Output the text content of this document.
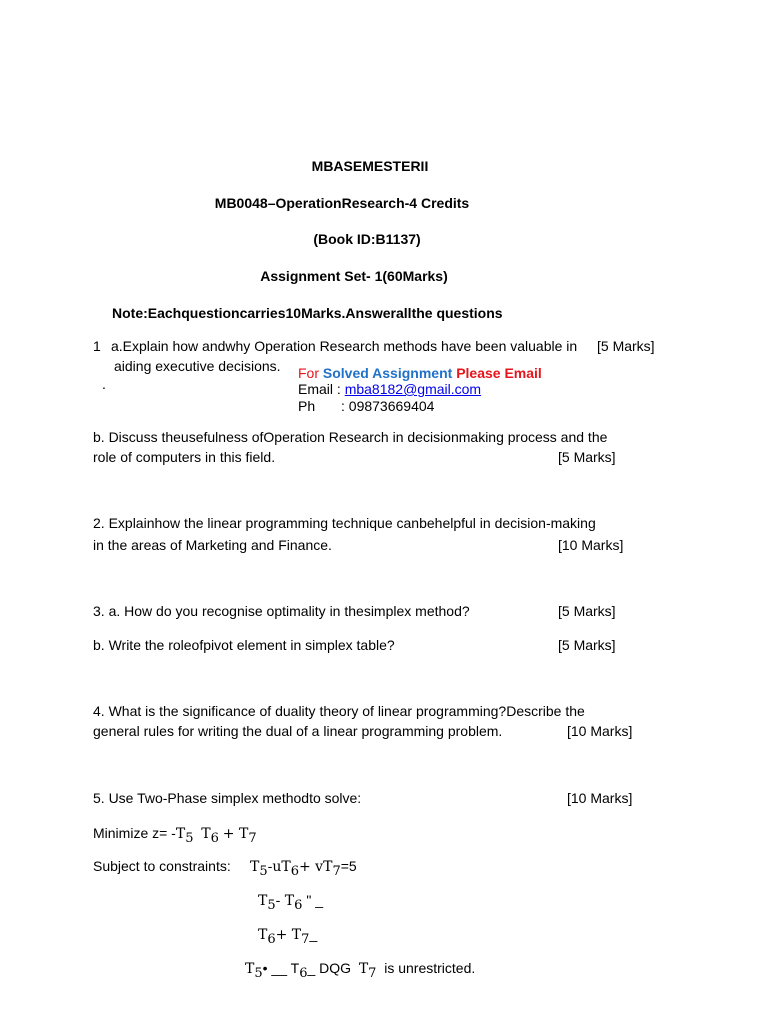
MBASEMESTERII
MB0048–OperationResearch-4 Credits
(Book ID:B1137)
Assignment Set- 1(60Marks)
Note:Eachquestioncarries10Marks.Answerallthe questions
1 a.Explain how andwhy Operation Research methods have been valuable in [5 Marks]
aiding executive decisions.
.
For Solved Assignment Please Email
Email : mba8182@gmail.com
Ph : 09873669404
b. Discuss theusefulness ofOperation Research in decisionmaking process and the
role of computers in this field.	[5 Marks]
2. Explainhow the linear programming technique canbehelpful in decision-making
in the areas of Marketing and Finance.	[10 Marks]
3. a. How do you recognise optimality in thesimplex method?	[5 Marks]
b. Write the roleofpivot element in simplex table?	[5 Marks]
4. What is the significance of duality theory of linear programming?Describe the
general rules for writing the dual of a linear programming problem.	[10 Marks]
5. Use Two-Phase simplex methodto solve:	[10 Marks]
Minimize z= -T5 T6 + T7
Subject to constraints: T5-uT6+ vT7=5
T5- T6 " _
T6+ T7_
T5• __ T6_ DQG T7 is unrestricted.
